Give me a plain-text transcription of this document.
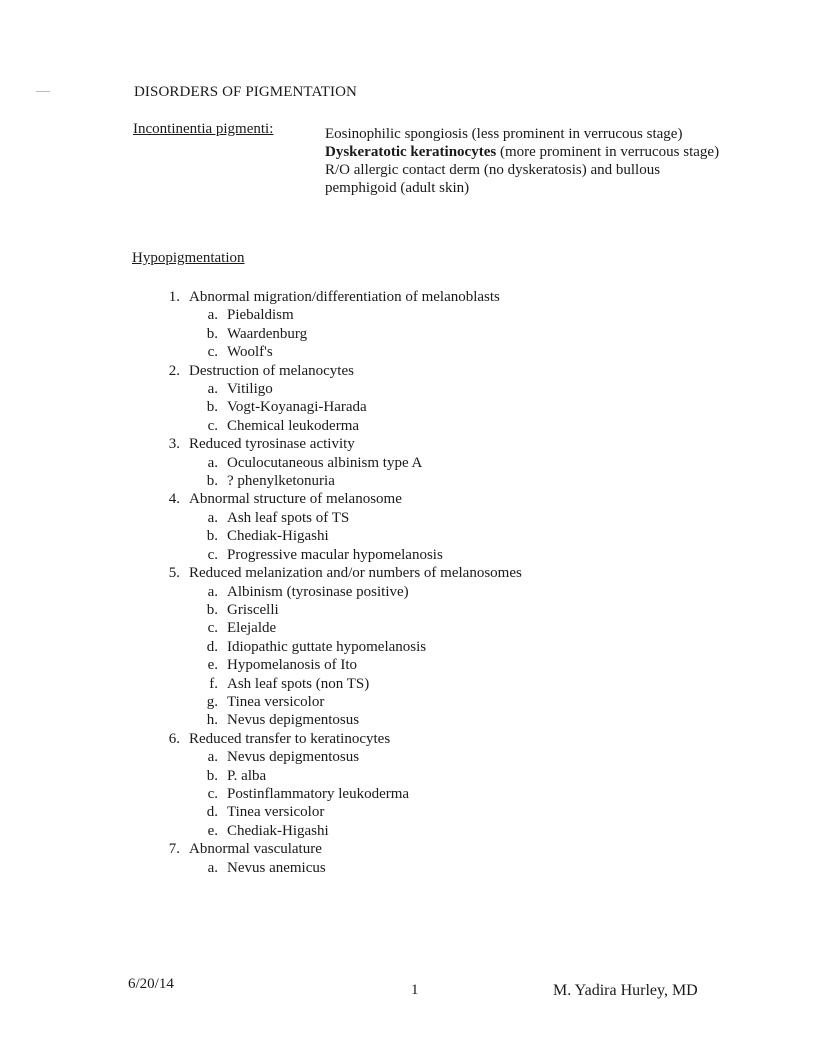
DISORDERS OF PIGMENTATION
Incontinentia pigmenti:	Eosinophilic spongiosis (less prominent in verrucous stage)
Dyskeratotic keratinocytes (more prominent in verrucous stage)
R/O allergic contact derm (no dyskeratosis) and bullous pemphigoid (adult skin)
Hypopigmentation
1. Abnormal migration/differentiation of melanoblasts
a. Piebaldism
b. Waardenburg
c. Woolf's
2. Destruction of melanocytes
a. Vitiligo
b. Vogt-Koyanagi-Harada
c. Chemical leukoderma
3. Reduced tyrosinase activity
a. Oculocutaneous albinism type A
b. ? phenylketonuria
4. Abnormal structure of melanosome
a. Ash leaf spots of TS
b. Chediak-Higashi
c. Progressive macular hypomelanosis
5. Reduced melanization and/or numbers of melanosomes
a. Albinism (tyrosinase positive)
b. Griscelli
c. Elejalde
d. Idiopathic guttate hypomelanosis
e. Hypomelanosis of Ito
f. Ash leaf spots (non TS)
g. Tinea versicolor
h. Nevus depigmentosus
6. Reduced transfer to keratinocytes
a. Nevus depigmentosus
b. P. alba
c. Postinflammatory leukoderma
d. Tinea versicolor
e. Chediak-Higashi
7. Abnormal vasculature
a. Nevus anemicus
6/20/14	1	M. Yadira Hurley, MD
